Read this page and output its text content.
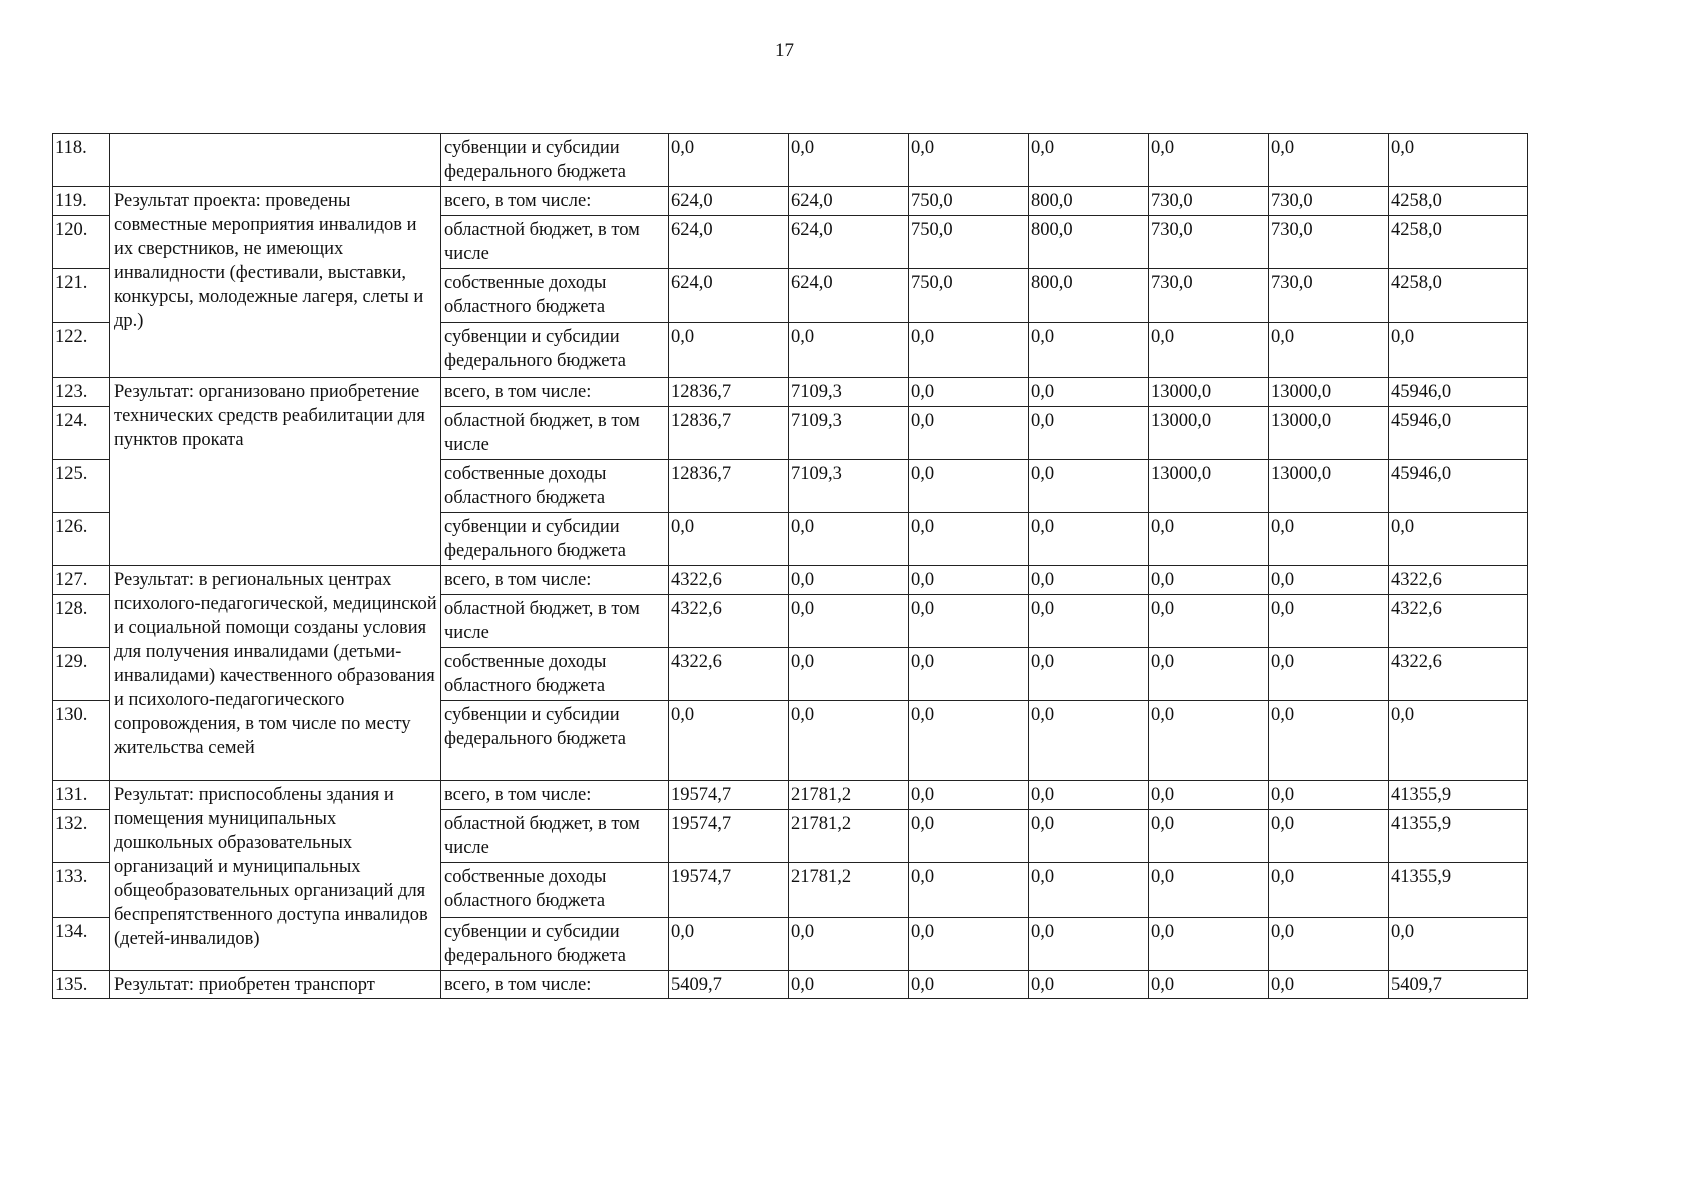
17
118.		субвенции и субсидии федерального бюджета	0,0	0,0	0,0	0,0	0,0	0,0	0,0
119.	Результат проекта: проведены совместные мероприятия инвалидов и их сверстников, не имеющих инвалидности (фестивали, выставки, конкурсы, молодежные лагеря, слеты и др.)	всего, в том числе:	624,0	624,0	750,0	800,0	730,0	730,0	4258,0
120.		областной бюджет, в том числе	624,0	624,0	750,0	800,0	730,0	730,0	4258,0
121.		собственные доходы областного бюджета	624,0	624,0	750,0	800,0	730,0	730,0	4258,0
122.		субвенции и субсидии федерального бюджета	0,0	0,0	0,0	0,0	0,0	0,0	0,0
123.	Результат: организовано приобретение технических средств реабилитации для пунктов проката	всего, в том числе:	12836,7	7109,3	0,0	0,0	13000,0	13000,0	45946,0
124.		областной бюджет, в том числе	12836,7	7109,3	0,0	0,0	13000,0	13000,0	45946,0
125.		собственные доходы областного бюджета	12836,7	7109,3	0,0	0,0	13000,0	13000,0	45946,0
126.		субвенции и субсидии федерального бюджета	0,0	0,0	0,0	0,0	0,0	0,0	0,0
127.	Результат: в региональных центрах психолого-педагогической, медицинской и социальной помощи созданы условия для получения инвалидами (детьми-инвалидами) качественного образования и психолого-педагогического сопровождения, в том числе по месту жительства семей	всего, в том числе:	4322,6	0,0	0,0	0,0	0,0	0,0	4322,6
128.		областной бюджет, в том числе	4322,6	0,0	0,0	0,0	0,0	0,0	4322,6
129.		собственные доходы областного бюджета	4322,6	0,0	0,0	0,0	0,0	0,0	4322,6
130.		субвенции и субсидии федерального бюджета	0,0	0,0	0,0	0,0	0,0	0,0	0,0
131.	Результат: приспособлены здания и помещения муниципальных дошкольных образовательных организаций и муниципальных общеобразовательных организаций для беспрепятственного доступа инвалидов (детей-инвалидов)	всего, в том числе:	19574,7	21781,2	0,0	0,0	0,0	0,0	41355,9
132.		областной бюджет, в том числе	19574,7	21781,2	0,0	0,0	0,0	0,0	41355,9
133.		собственные доходы областного бюджета	19574,7	21781,2	0,0	0,0	0,0	0,0	41355,9
134.		субвенции и субсидии федерального бюджета	0,0	0,0	0,0	0,0	0,0	0,0	0,0
135.	Результат: приобретен транспорт	всего, в том числе:	5409,7	0,0	0,0	0,0	0,0	0,0	5409,7
